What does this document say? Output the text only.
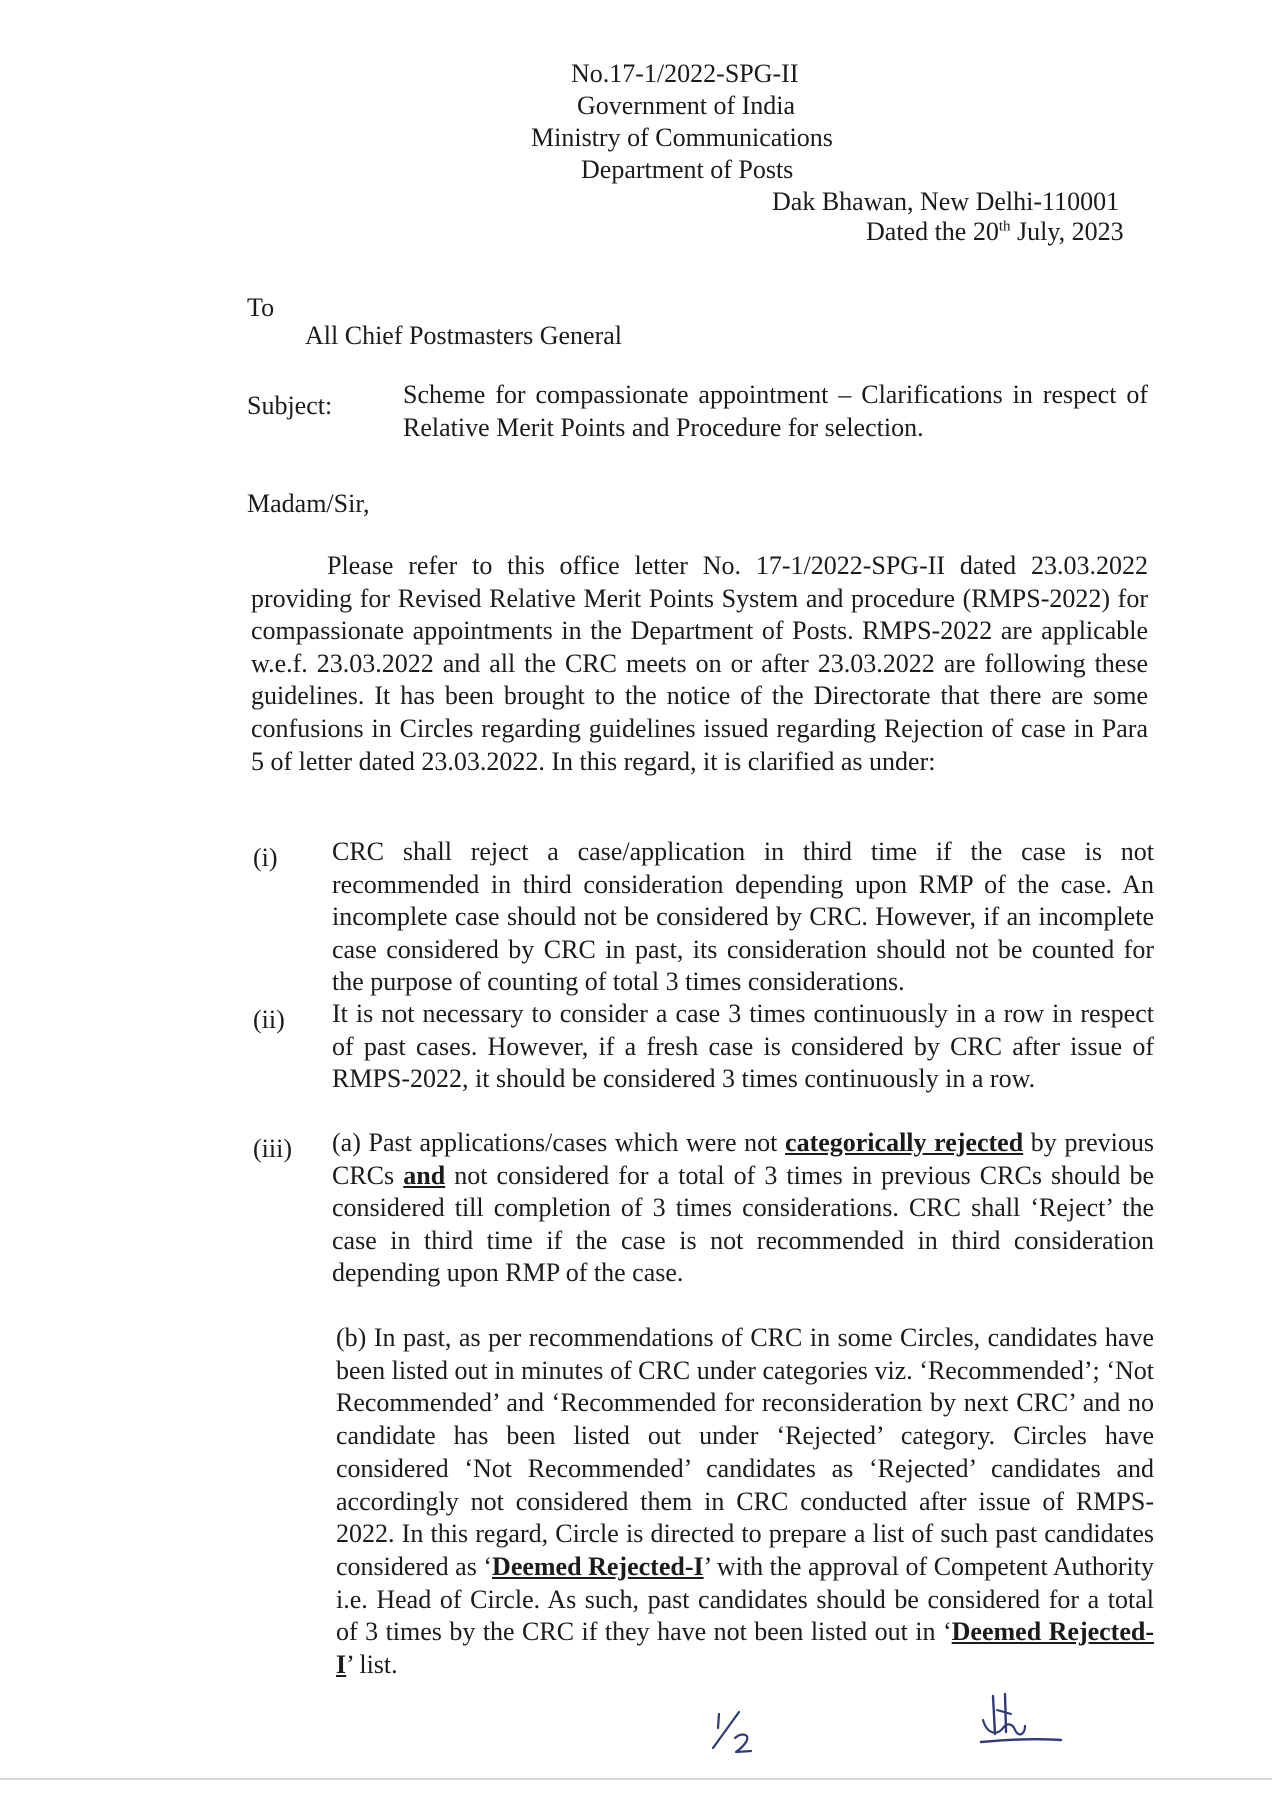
No.17-1/2022-SPG-II
Government of India
Ministry of Communications
Department of Posts
Dak Bhawan, New Delhi-110001
Dated the 20th July, 2023
To
All Chief Postmasters General
Subject:	Scheme for compassionate appointment – Clarifications in respect of Relative Merit Points and Procedure for selection.
Madam/Sir,
Please refer to this office letter No. 17-1/2022-SPG-II dated 23.03.2022 providing for Revised Relative Merit Points System and procedure (RMPS-2022) for compassionate appointments in the Department of Posts. RMPS-2022 are applicable w.e.f. 23.03.2022 and all the CRC meets on or after 23.03.2022 are following these guidelines. It has been brought to the notice of the Directorate that there are some confusions in Circles regarding guidelines issued regarding Rejection of case in Para 5 of letter dated 23.03.2022. In this regard, it is clarified as under:
(i) CRC shall reject a case/application in third time if the case is not recommended in third consideration depending upon RMP of the case. An incomplete case should not be considered by CRC. However, if an incomplete case considered by CRC in past, its consideration should not be counted for the purpose of counting of total 3 times considerations.
(ii) It is not necessary to consider a case 3 times continuously in a row in respect of past cases. However, if a fresh case is considered by CRC after issue of RMPS-2022, it should be considered 3 times continuously in a row.
(iii) (a) Past applications/cases which were not categorically rejected by previous CRCs and not considered for a total of 3 times in previous CRCs should be considered till completion of 3 times considerations. CRC shall ‘Reject’ the case in third time if the case is not recommended in third consideration depending upon RMP of the case.
(b) In past, as per recommendations of CRC in some Circles, candidates have been listed out in minutes of CRC under categories viz. ‘Recommended’; ‘Not Recommended’ and ‘Recommended for reconsideration by next CRC’ and no candidate has been listed out under ‘Rejected’ category. Circles have considered ‘Not Recommended’ candidates as ‘Rejected’ candidates and accordingly not considered them in CRC conducted after issue of RMPS-2022. In this regard, Circle is directed to prepare a list of such past candidates considered as ‘Deemed Rejected-I’ with the approval of Competent Authority i.e. Head of Circle. As such, past candidates should be considered for a total of 3 times by the CRC if they have not been listed out in ‘Deemed Rejected-I’ list.
